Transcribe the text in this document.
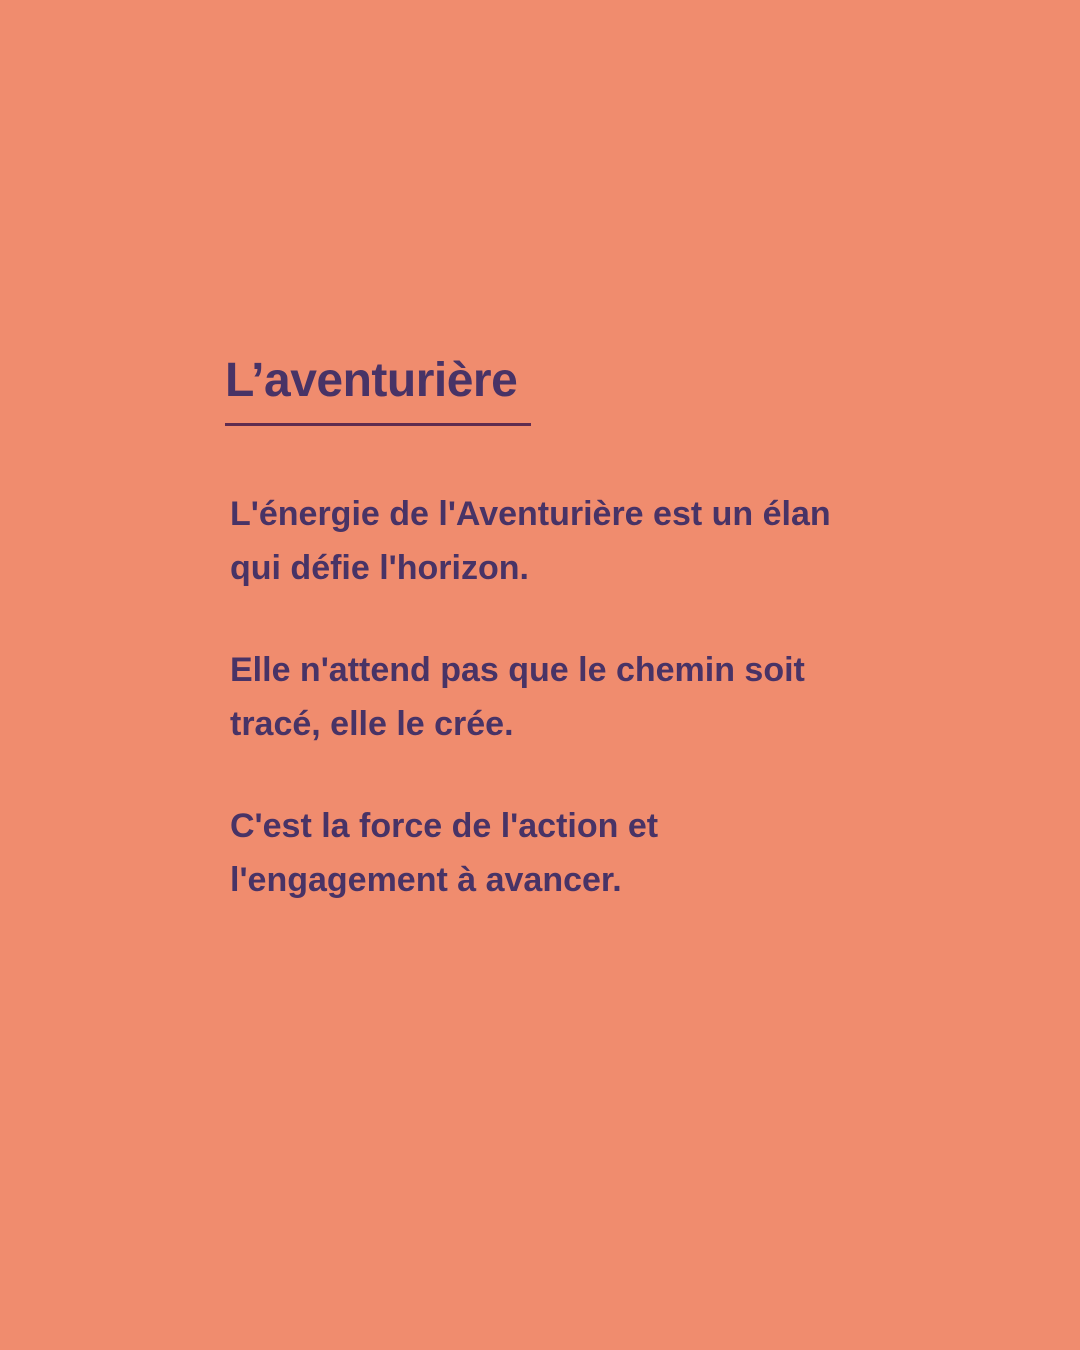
L’aventurière

L'énergie de l'Aventurière est un élan
qui défie l'horizon.

Elle n'attend pas que le chemin soit
tracé, elle le crée.

C'est la force de l'action et
l'engagement à avancer.
